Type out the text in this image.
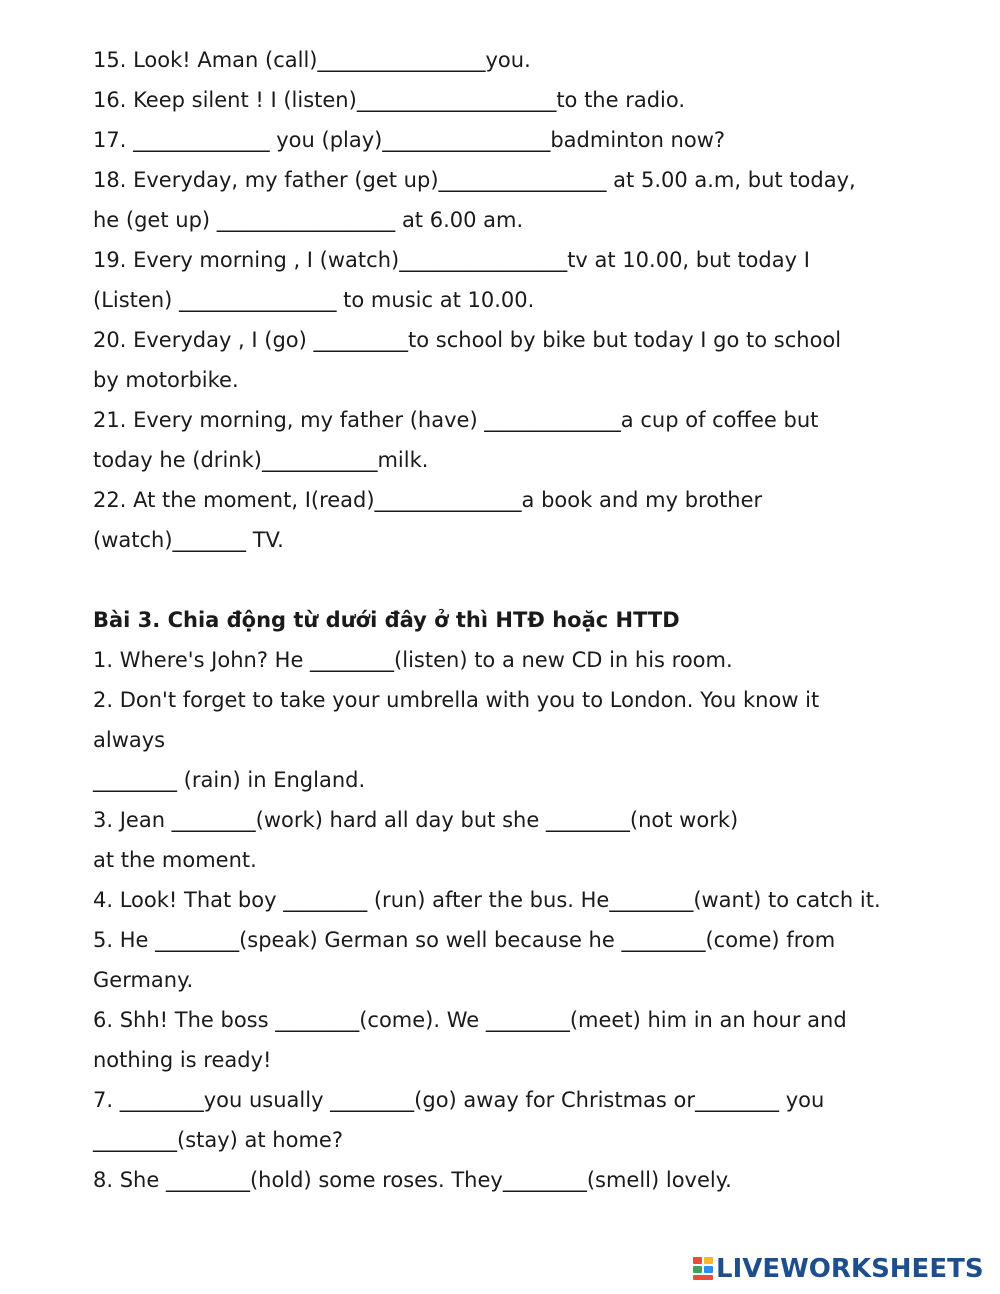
15. Look! Aman (call)________________you.
16. Keep silent ! I (listen)___________________to the radio.
17. _____________ you (play)________________badminton now?
18. Everyday, my father (get up)________________ at 5.00 a.m, but today,
he (get up) _________________ at 6.00 am.
19. Every morning , I (watch)________________tv at 10.00, but today I
(Listen) _______________ to music at 10.00.
20. Everyday , I (go) _________to school by bike but today I go to school
by motorbike.
21. Every morning, my father (have) _____________a cup of coffee but
today he (drink)___________milk.
22. At the moment, I(read)______________a book and my brother
(watch)_______ TV.
Bài 3. Chia động từ dưới đây ở thì HTĐ hoặc HTTD
1. Where's John? He ________(listen) to a new CD in his room.
2. Don't forget to take your umbrella with you to London. You know it
always
________ (rain) in England.
3. Jean ________(work) hard all day but she ________(not work)
at the moment.
4. Look! That boy ________ (run) after the bus. He________(want) to catch it.
5. He ________(speak) German so well because he ________(come) from
Germany.
6. Shh! The boss ________(come). We ________(meet) him in an hour and
nothing is ready!
7. ________you usually ________(go) away for Christmas or________ you
________(stay) at home?
8. She ________(hold) some roses. They________(smell) lovely.
LIVEWORKSHEETS
